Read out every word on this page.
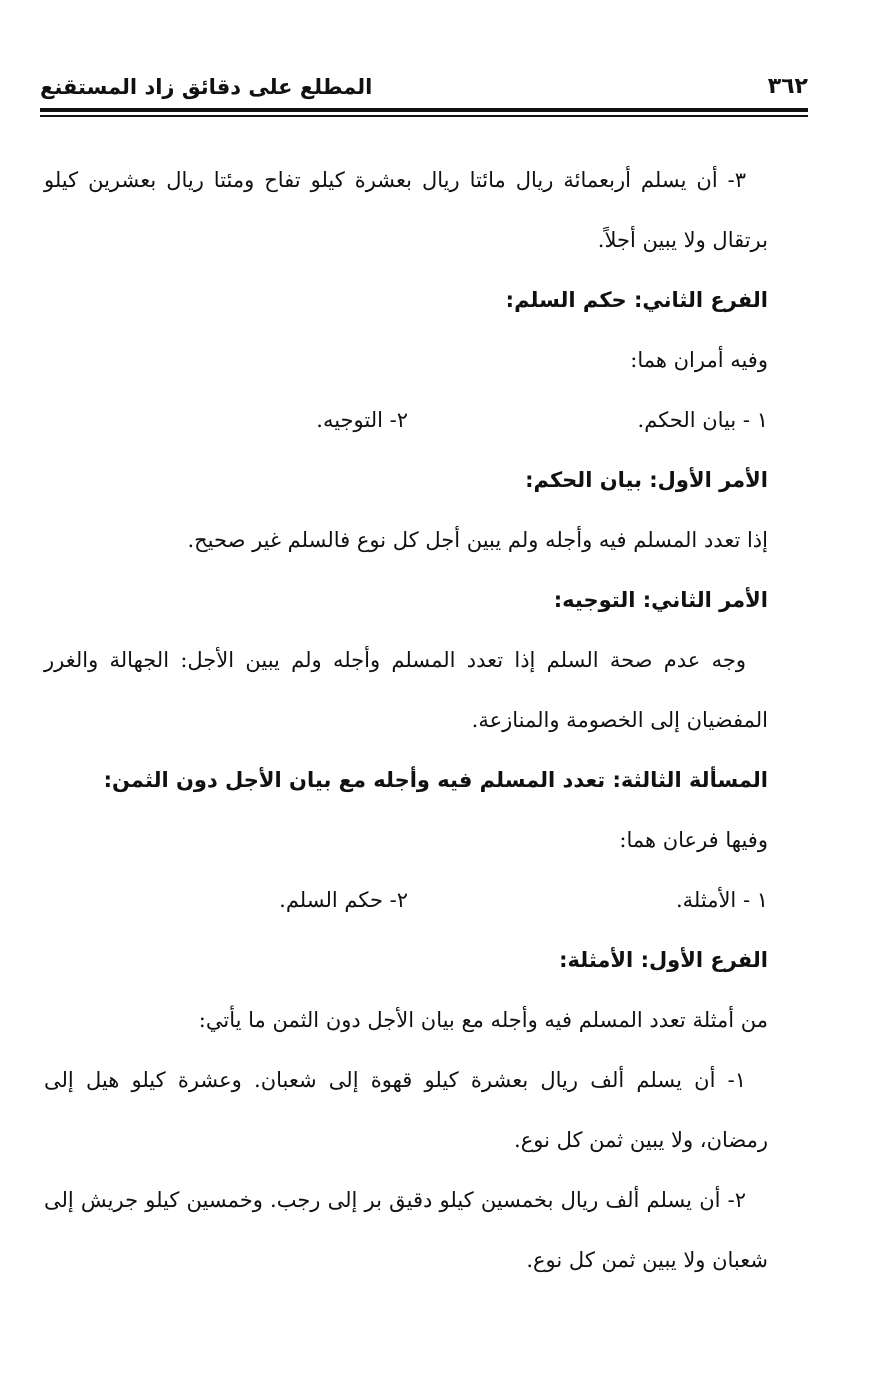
٣٦٢
المطلع على دقائق زاد المستقنع

٣- أن يسلم أربعمائة ريال مائتا ريال بعشرة كيلو تفاح ومئتا ريال بعشرين كيلو برتقال ولا يبين أجلاً.

الفرع الثاني: حكم السلم:

وفيه أمران هما:

١ - بيان الحكم.
٢- التوجيه.

الأمر الأول: بيان الحكم:

إذا تعدد المسلم فيه وأجله ولم يبين أجل كل نوع فالسلم غير صحيح.

الأمر الثاني: التوجيه:

وجه عدم صحة السلم إذا تعدد المسلم وأجله ولم يبين الأجل: الجهالة والغرر المفضيان إلى الخصومة والمنازعة.

المسألة الثالثة: تعدد المسلم فيه وأجله مع بيان الأجل دون الثمن:

وفيها فرعان هما:

١ - الأمثلة.
٢- حكم السلم.

الفرع الأول: الأمثلة:

من أمثلة تعدد المسلم فيه وأجله مع بيان الأجل دون الثمن ما يأتي:

١- أن يسلم ألف ريال بعشرة كيلو قهوة إلى شعبان. وعشرة كيلو هيل إلى رمضان، ولا يبين ثمن كل نوع.

٢- أن يسلم ألف ريال بخمسين كيلو دقيق بر إلى رجب. وخمسين كيلو جريش إلى شعبان ولا يبين ثمن كل نوع.
